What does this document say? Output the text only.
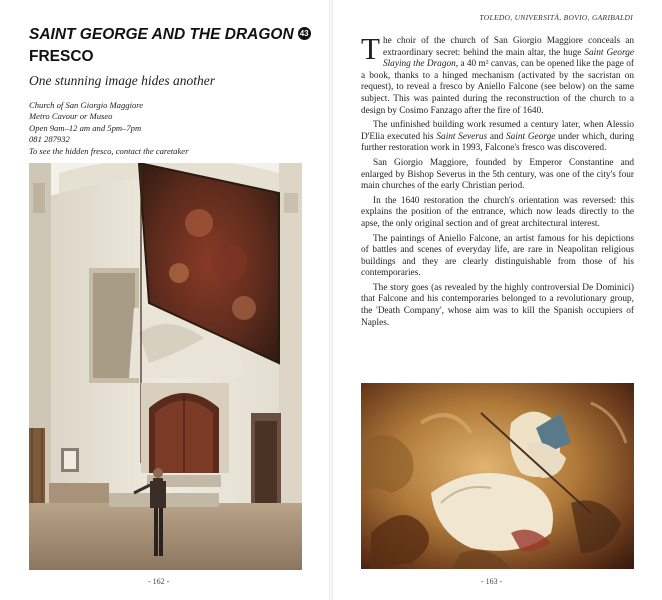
SAINT GEORGE AND THE DRAGON 43
FRESCO
One stunning image hides another
Church of San Giorgio Maggiore
Metro Cavour or Museo
Open 9am–12 am and 5pm–7pm
081 287932
To see the hidden fresco, contact the caretaker
- 162 -
TOLEDO, UNIVERSITÀ, BOVIO, GARIBALDI

The choir of the church of San Giorgio Maggiore conceals an extraordinary secret: behind the main altar, the huge Saint George Slaying the Dragon, a 40 m² canvas, can be opened like the page of a book, thanks to a hinged mechanism (activated by the sacristan on request), to reveal a fresco by Aniello Falcone (see below) on the same subject. This was painted during the reconstruction of the church to a design by Cosimo Fanzago after the fire of 1640.

The unfinished building work resumed a century later, when Alessio D'Elia executed his Saint Severus and Saint George under which, during further restoration work in 1993, Falcone's fresco was discovered.

San Giorgio Maggiore, founded by Emperor Constantine and enlarged by Bishop Severus in the 5th century, was one of the city's four main churches of the early Christian period.

In the 1640 restoration the church's orientation was reversed: this explains the position of the entrance, which now leads directly to the apse, the only original section and of great architectural interest.

The paintings of Aniello Falcone, an artist famous for his depictions of battles and scenes of everyday life, are rare in Neapolitan religious buildings and they are clearly distinguishable from those of his contemporaries.

The story goes (as revealed by the highly controversial De Dominici) that Falcone and his contemporaries belonged to a revolutionary group, the 'Death Company', whose aim was to kill the Spanish occupiers of Naples.

- 163 -
